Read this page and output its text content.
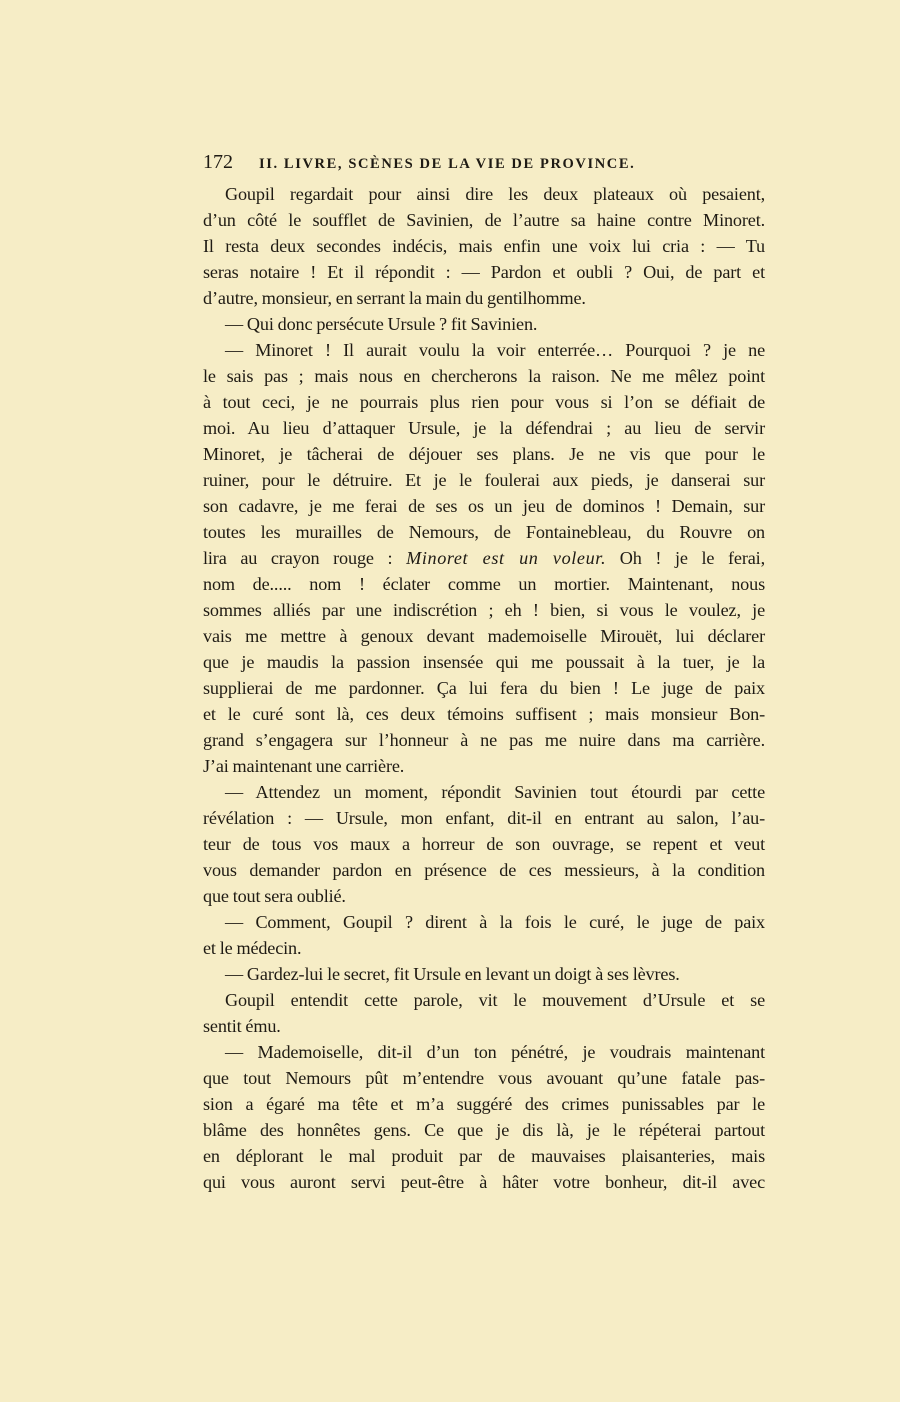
172 II. LIVRE, SCÈNES DE LA VIE DE PROVINCE.
Goupil regardait pour ainsi dire les deux plateaux où pesaient,
d’un côté le soufflet de Savinien, de l’autre sa haine contre Minoret.
Il resta deux secondes indécis, mais enfin une voix lui cria : — Tu
seras notaire ! Et il répondit : — Pardon et oubli ? Oui, de part et
d’autre, monsieur, en serrant la main du gentilhomme.
— Qui donc persécute Ursule ? fit Savinien.
— Minoret ! Il aurait voulu la voir enterrée… Pourquoi ? je ne
le sais pas ; mais nous en chercherons la raison. Ne me mêlez point
à tout ceci, je ne pourrais plus rien pour vous si l’on se défiait de
moi. Au lieu d’attaquer Ursule, je la défendrai ; au lieu de servir
Minoret, je tâcherai de déjouer ses plans. Je ne vis que pour le
ruiner, pour le détruire. Et je le foulerai aux pieds, je danserai sur
son cadavre, je me ferai de ses os un jeu de dominos ! Demain, sur
toutes les murailles de Nemours, de Fontainebleau, du Rouvre on
lira au crayon rouge : Minoret est un voleur. Oh ! je le ferai,
nom de..... nom ! éclater comme un mortier. Maintenant, nous
sommes alliés par une indiscrétion ; eh ! bien, si vous le voulez, je
vais me mettre à genoux devant mademoiselle Mirouët, lui déclarer
que je maudis la passion insensée qui me poussait à la tuer, je la
supplierai de me pardonner. Ça lui fera du bien ! Le juge de paix
et le curé sont là, ces deux témoins suffisent ; mais monsieur Bon-
grand s’engagera sur l’honneur à ne pas me nuire dans ma carrière.
J’ai maintenant une carrière.
— Attendez un moment, répondit Savinien tout étourdi par cette
révélation : — Ursule, mon enfant, dit-il en entrant au salon, l’au-
teur de tous vos maux a horreur de son ouvrage, se repent et veut
vous demander pardon en présence de ces messieurs, à la condition
que tout sera oublié.
— Comment, Goupil ? dirent à la fois le curé, le juge de paix
et le médecin.
— Gardez-lui le secret, fit Ursule en levant un doigt à ses lèvres.
Goupil entendit cette parole, vit le mouvement d’Ursule et se
sentit ému.
— Mademoiselle, dit-il d’un ton pénétré, je voudrais maintenant
que tout Nemours pût m’entendre vous avouant qu’une fatale pas-
sion a égaré ma tête et m’a suggéré des crimes punissables par le
blâme des honnêtes gens. Ce que je dis là, je le répéterai partout
en déplorant le mal produit par de mauvaises plaisanteries, mais
qui vous auront servi peut-être à hâter votre bonheur, dit-il avec
